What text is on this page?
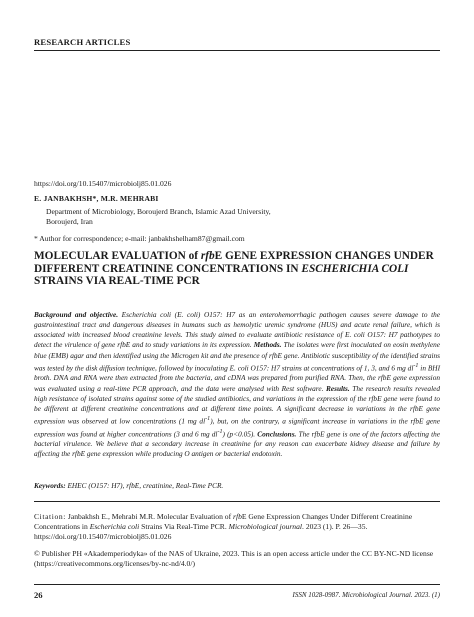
RESEARCH ARTICLES
https://doi.org/10.15407/microbiolj85.01.026
E. JANBAKHSH*, M.R. MEHRABI
Department of Microbiology, Boroujerd Branch, Islamic Azad University,
Boroujerd, Iran
* Author for correspondence; e-mail: janbakhshelham87@gmail.com
MOLECULAR EVALUATION of rfbE GENE EXPRESSION CHANGES UNDER DIFFERENT CREATININE CONCENTRATIONS IN ESCHERICHIA COLI STRAINS VIA REAL-TIME PCR
Background and objective. Escherichia coli (E. coli) O157: H7 as an enterohemorrhagic pathogen causes severe damage to the gastrointestinal tract and dangerous diseases in humans such as hemolytic uremic syndrome (HUS) and acute renal failure, which is associated with increased blood creatinine levels. This study aimed to evaluate antibiotic resistance of E. coli O157: H7 pathotypes to detect the virulence of gene rfbE and to study variations in its expression. Methods. The isolates were first inoculated on eosin methylene blue (EMB) agar and then identified using the Microgen kit and the presence of rfbE gene. Antibiotic susceptibility of the identified strains was tested by the disk diffusion technique, followed by inoculating E. coli O157: H7 strains at concentrations of 1, 3, and 6 mg $dl^{-1}$ in BHI broth. DNA and RNA were then extracted from the bacteria, and cDNA was prepared from purified RNA. Then, the rfbE gene expression was evaluated using a real-time PCR approach, and the data were analysed with Rest software. Results. The research results revealed high resistance of isolated strains against some of the studied antibiotics, and variations in the expression of the rfbE gene were found to be different at different creatinine concentrations and at different time points. A significant decrease in variations in the rfbE gene expression was observed at low concentrations (1 mg $dl^{-1}$), but, on the contrary, a significant increase in variations in the rfbE gene expression was found at higher concentrations (3 and 6 mg $dl^{-1}$) (p<0.05). Conclusions. The rfbE gene is one of the factors affecting the bacterial virulence. We believe that a secondary increase in creatinine for any reason can exacerbate kidney disease and failure by affecting the rfbE gene expression while producing O antigen or bacterial endotoxin.
Keywords: EHEC (O157: H7), rfbE, creatinine, Real-Time PCR.
Citation: Janbakhsh E., Mehrabi M.R. Molecular Evaluation of rfbE Gene Expression Changes Under Different Creatinine Concentrations in Escherichia coli Strains Via Real-Time PCR. Microbiological journal. 2023 (1). P. 26—35. https://doi.org/10.15407/microbiolj85.01.026
© Publisher PH «Akademperiodyka» of the NAS of Ukraine, 2023. This is an open access article under the CC BY-NC-ND license (https://creativecommons.org/licenses/by-nc-nd/4.0/)
26	ISSN 1028-0987. Microbiological Journal. 2023. (1)
